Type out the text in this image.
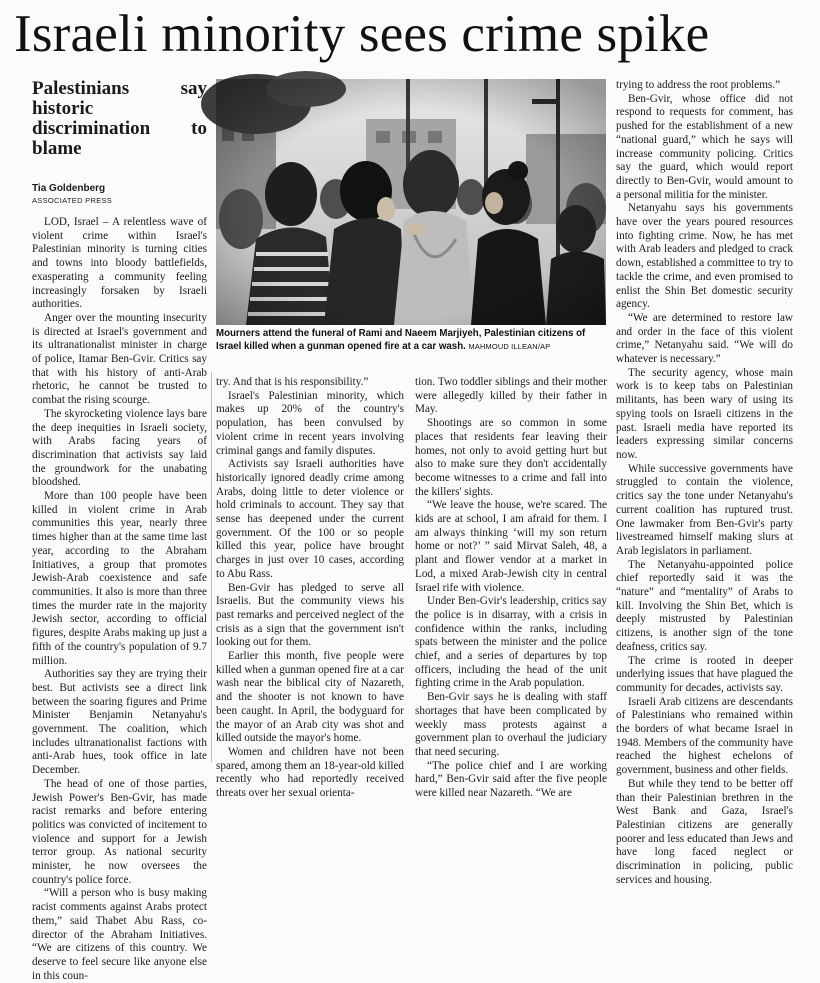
Israeli minority sees crime spike
Palestinians say historic discrimination to blame
Tia Goldenberg
ASSOCIATED PRESS

LOD, Israel – A relentless wave of violent crime within Israel's Palestinian minority is turning cities and towns into bloody battlefields, exasperating a community feeling increasingly forsaken by Israeli authorities.

Anger over the mounting insecurity is directed at Israel's government and its ultranationalist minister in charge of police, Itamar Ben-Gvir. Critics say that with his history of anti-Arab rhetoric, he cannot be trusted to combat the rising scourge.

The skyrocketing violence lays bare the deep inequities in Israeli society, with Arabs facing years of discrimination that activists say laid the groundwork for the unabating bloodshed.

More than 100 people have been killed in violent crime in Arab communities this year, nearly three times higher than at the same time last year, according to the Abraham Initiatives, a group that promotes Jewish-Arab coexistence and safe communities. It also is more than three times the murder rate in the majority Jewish sector, according to official figures, despite Arabs making up just a fifth of the country's population of 9.7 million.

Authorities say they are trying their best. But activists see a direct link between the soaring figures and Prime Minister Benjamin Netanyahu's government. The coalition, which includes ultranationalist factions with anti-Arab hues, took office in late December.

The head of one of those parties, Jewish Power's Ben-Gvir, has made racist remarks and before entering politics was convicted of incitement to violence and support for a Jewish terror group. As national security minister, he now oversees the country's police force.

“Will a person who is busy making racist comments against Arabs protect them,” said Thabet Abu Rass, co-director of the Abraham Initiatives. “We are citizens of this country. We deserve to feel secure like anyone else in this coun-

Mourners attend the funeral of Rami and Naeem Marjiyeh, Palestinian citizens of Israel killed when a gunman opened fire at a car wash. MAHMOUD ILLEAN/AP

try. And that is his responsibility.”

Israel's Palestinian minority, which makes up 20% of the country's population, has been convulsed by violent crime in recent years involving criminal gangs and family disputes.

Activists say Israeli authorities have historically ignored deadly crime among Arabs, doing little to deter violence or hold criminals to account. They say that sense has deepened under the current government. Of the 100 or so people killed this year, police have brought charges in just over 10 cases, according to Abu Rass.

Ben-Gvir has pledged to serve all Israelis. But the community views his past remarks and perceived neglect of the crisis as a sign that the government isn't looking out for them.

Earlier this month, five people were killed when a gunman opened fire at a car wash near the biblical city of Nazareth, and the shooter is not known to have been caught. In April, the bodyguard for the mayor of an Arab city was shot and killed outside the mayor's home.

Women and children have not been spared, among them an 18-year-old killed recently who had reportedly received threats over her sexual orienta-

tion. Two toddler siblings and their mother were allegedly killed by their father in May.

Shootings are so common in some places that residents fear leaving their homes, not only to avoid getting hurt but also to make sure they don't accidentally become witnesses to a crime and fall into the killers' sights.

“We leave the house, we're scared. The kids are at school, I am afraid for them. I am always thinking ‘will my son return home or not?’ ” said Mirvat Saleh, 48, a plant and flower vendor at a market in Lod, a mixed Arab-Jewish city in central Israel rife with violence.

Under Ben-Gvir's leadership, critics say the police is in disarray, with a crisis in confidence within the ranks, including spats between the minister and the police chief, and a series of departures by top officers, including the head of the unit fighting crime in the Arab population.

Ben-Gvir says he is dealing with staff shortages that have been complicated by weekly mass protests against a government plan to overhaul the judiciary that need securing.

“The police chief and I are working hard,” Ben-Gvir said after the five people were killed near Nazareth. “We are

trying to address the root problems.”

Ben-Gvir, whose office did not respond to requests for comment, has pushed for the establishment of a new “national guard,” which he says will increase community policing. Critics say the guard, which would report directly to Ben-Gvir, would amount to a personal militia for the minister.

Netanyahu says his governments have over the years poured resources into fighting crime. Now, he has met with Arab leaders and pledged to crack down, established a committee to try to tackle the crime, and even promised to enlist the Shin Bet domestic security agency.

“We are determined to restore law and order in the face of this violent crime,” Netanyahu said. “We will do whatever is necessary.”

The security agency, whose main work is to keep tabs on Palestinian militants, has been wary of using its spying tools on Israeli citizens in the past. Israeli media have reported its leaders expressing similar concerns now.

While successive governments have struggled to contain the violence, critics say the tone under Netanyahu's current coalition has ruptured trust. One lawmaker from Ben-Gvir's party livestreamed himself making slurs at Arab legislators in parliament.

The Netanyahu-appointed police chief reportedly said it was the “nature” and “mentality” of Arabs to kill. Involving the Shin Bet, which is deeply mistrusted by Palestinian citizens, is another sign of the tone deafness, critics say.

The crime is rooted in deeper underlying issues that have plagued the community for decades, activists say.

Israeli Arab citizens are descendants of Palestinians who remained within the borders of what became Israel in 1948. Members of the community have reached the highest echelons of government, business and other fields.

But while they tend to be better off than their Palestinian brethren in the West Bank and Gaza, Israel's Palestinian citizens are generally poorer and less educated than Jews and have long faced neglect or discrimination in policing, public services and housing.
